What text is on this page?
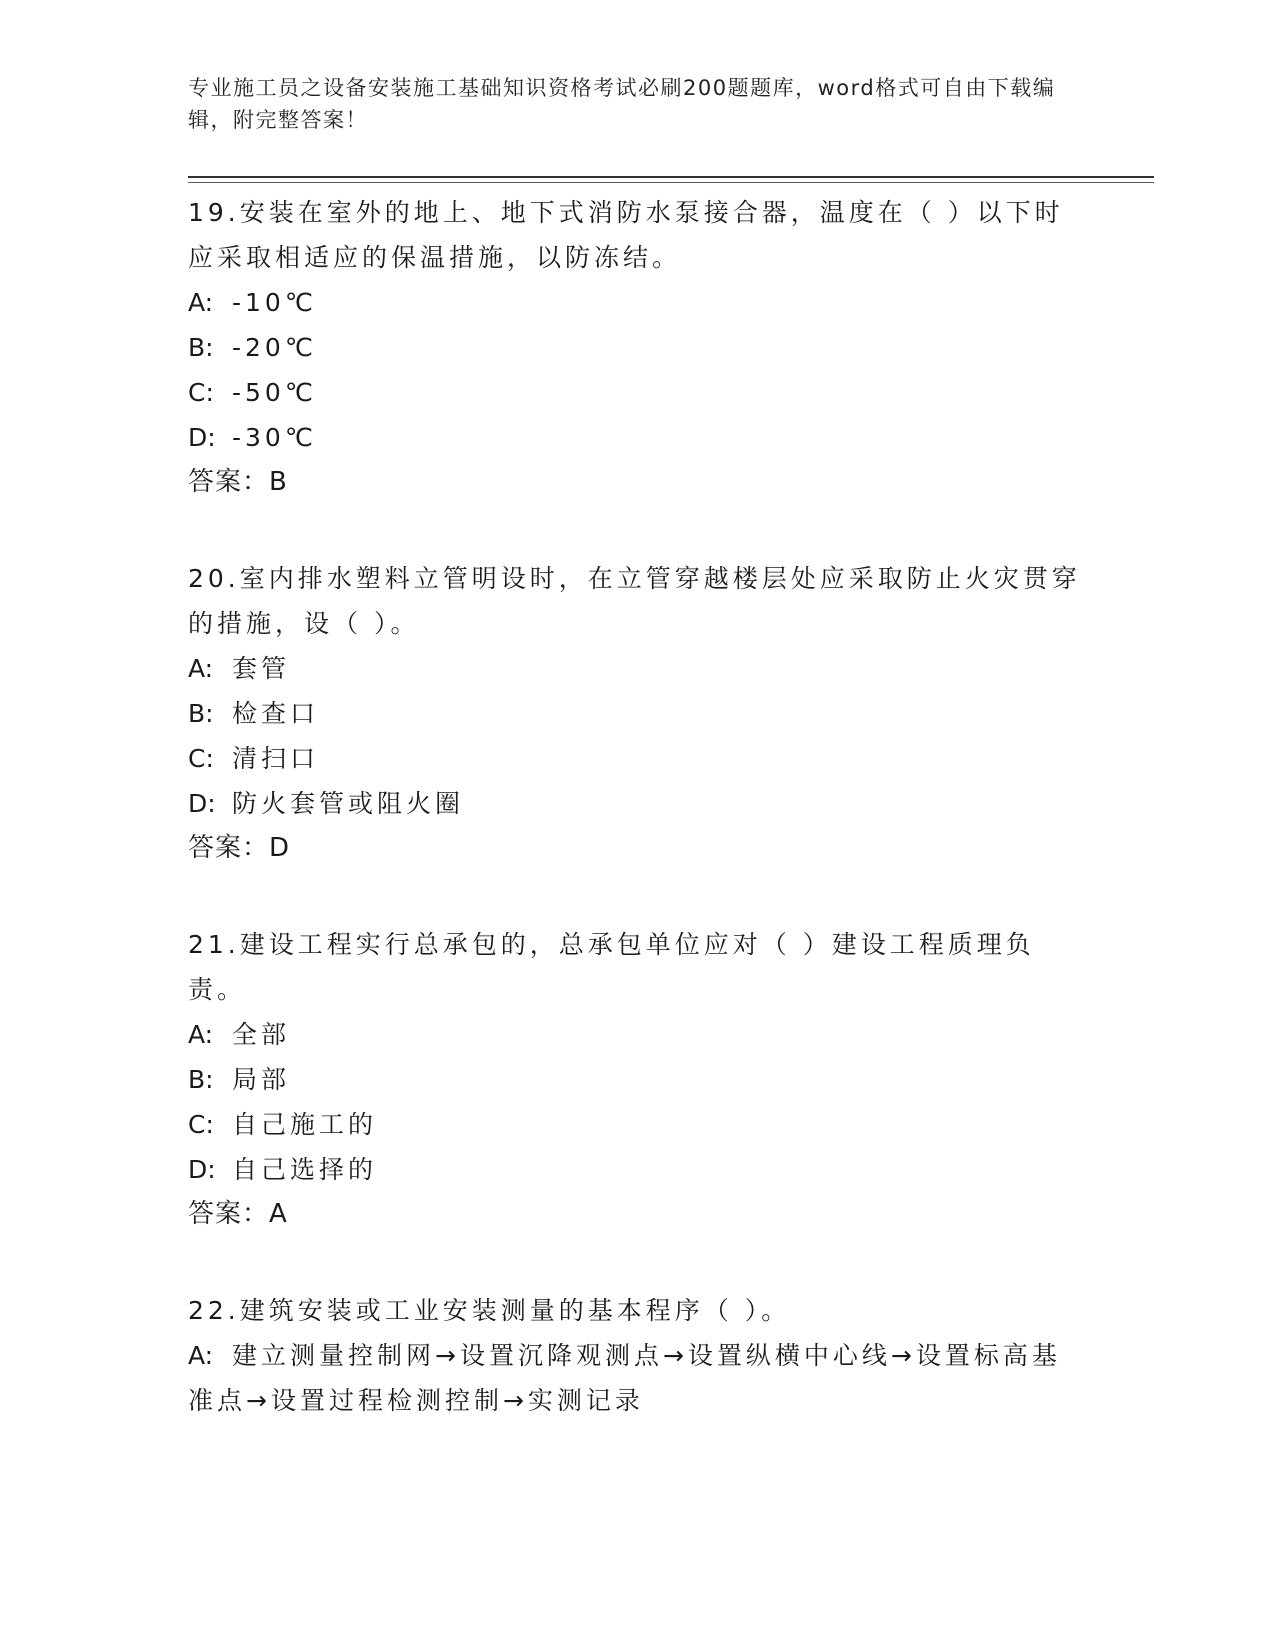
专业施工员之设备安装施工基础知识资格考试必刷200题题库，word格式可自由下载编辑，附完整答案！

19.安装在室外的地上、地下式消防水泵接合器，温度在（ ）以下时应采取相适应的保温措施，以防冻结。

A: -10℃

B: -20℃

C: -50℃

D: -30℃

答案：B

20.室内排水塑料立管明设时，在立管穿越楼层处应采取防止火灾贯穿的措施，设（ ）。

A: 套管

B: 检查口

C: 清扫口

D: 防火套管或阻火圈

答案：D

21.建设工程实行总承包的，总承包单位应对（ ）建设工程质理负责。

A: 全部

B: 局部

C: 自己施工的

D: 自己选择的

答案：A

22.建筑安装或工业安装测量的基本程序（ ）。

A: 建立测量控制网→设置沉降观测点→设置纵横中心线→设置标高基准点→设置过程检测控制→实测记录
